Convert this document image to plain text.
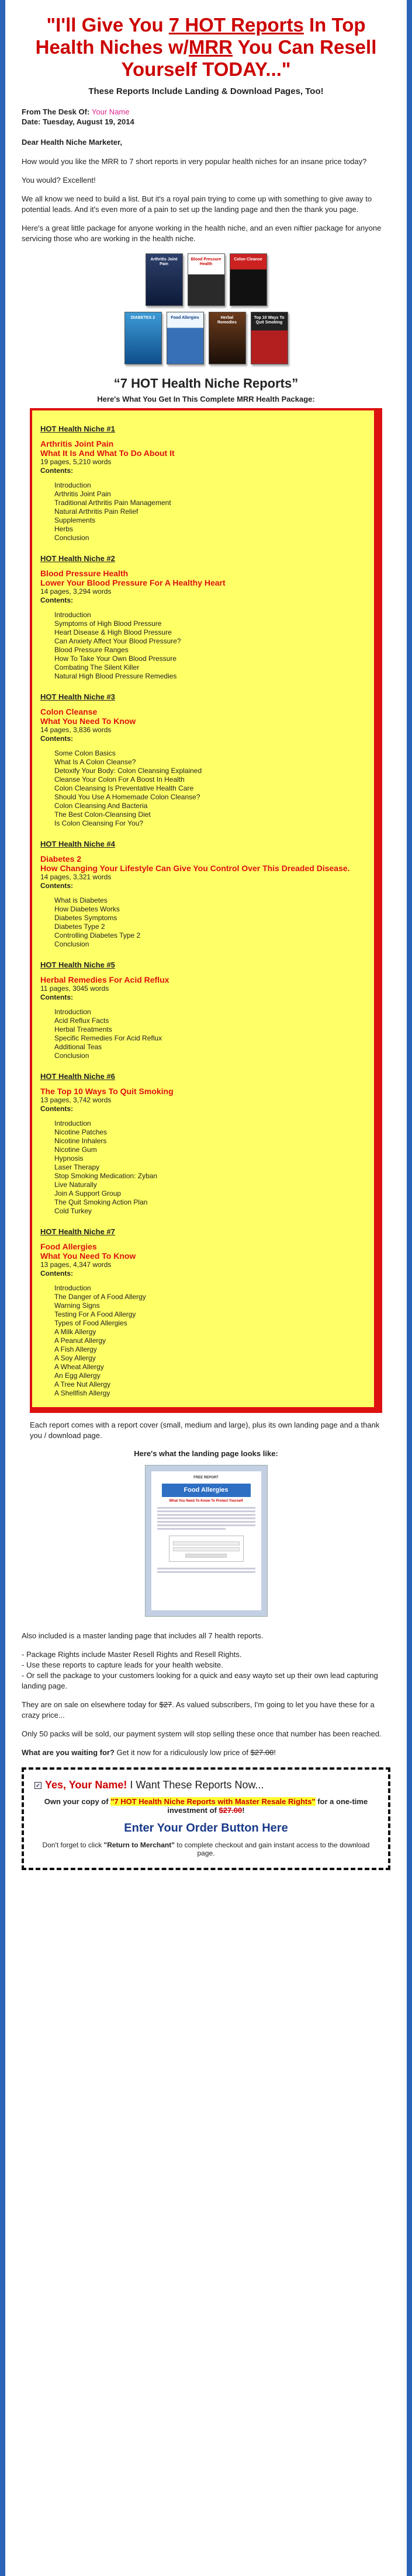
"I'll Give You 7 HOT Reports In Top Health Niches w/MRR You Can Resell Yourself TODAY..."
These Reports Include Landing & Download Pages, Too!
From The Desk Of: Your Name
Date: Tuesday, August 19, 2014
Dear Health Niche Marketer,

How would you like the MRR to 7 short reports in very popular health niches for an insane price today?

You would? Excellent!

We all know we need to build a list. But it's a royal pain trying to come up with something to give away to potential leads. And it's even more of a pain to set up the landing page and then the thank you page.

Here's a great little package for anyone working in the health niche, and an even niftier package for anyone servicing those who are working in the health niche.

Arthritis Joint Pain
Blood Pressure Health
Colon Cleanse
DIABETES 2	Food Allergies	Herbal Remedies
Top 10 Ways To Quit Smoking
“7 HOT Health Niche Reports”
Here's What You Get In This Complete MRR Health Package:
HOT Health Niche #1
Arthritis Joint Pain
What It Is And What To Do About It
19 pages, 5,210 words
Contents:
Introduction
Arthritis Joint Pain
Traditional Arthritis Pain Management
Natural Arthritis Pain Relief
Supplements
Herbs
Conclusion
HOT Health Niche #2
Blood Pressure Health
Lower Your Blood Pressure For A Healthy Heart
14 pages, 3,294 words
Contents:
Introduction
Symptoms of High Blood Pressure
Heart Disease & High Blood Pressure
Can Anxiety Affect Your Blood Pressure?
Blood Pressure Ranges
How To Take Your Own Blood Pressure
Combating The Silent Killer
Natural High Blood Pressure Remedies
HOT Health Niche #3
Colon Cleanse
What You Need To Know
14 pages, 3,836 words
Contents:
Some Colon Basics
What Is A Colon Cleanse?
Detoxify Your Body: Colon Cleansing Explained
Cleanse Your Colon For A Boost In Health
Colon Cleansing Is Preventative Health Care
Should You Use A Homemade Colon Cleanse?
Colon Cleansing And Bacteria
The Best Colon-Cleansing Diet
Is Colon Cleansing For You?
HOT Health Niche #4
Diabetes 2
How Changing Your Lifestyle Can Give You Control Over This Dreaded Disease.
14 pages, 3,321 words
Contents:
What is Diabetes
How Diabetes Works
Diabetes Symptoms
Diabetes Type 2
Controlling Diabetes Type 2
Conclusion
HOT Health Niche #5
Herbal Remedies For Acid Reflux
11 pages, 3045 words
Contents:
Introduction
Acid Reflux Facts
Herbal Treatments
Specific Remedies For Acid Reflux
Additional Teas
Conclusion
HOT Health Niche #6
The Top 10 Ways To Quit Smoking
13 pages, 3,742 words
Contents:
Introduction
Nicotine Patches
Nicotine Inhalers
Nicotine Gum
Hypnosis
Laser Therapy
Stop Smoking Medication: Zyban
Live Naturally
Join A Support Group
The Quit Smoking Action Plan
Cold Turkey
HOT Health Niche #7
Food Allergies
What You Need To Know
13 pages, 4,347 words
Contents:
Introduction
The Danger of A Food Allergy
Warning Signs
Testing For A Food Allergy
Types of Food Allergies
A Milk Allergy
A Peanut Allergy
A Fish Allergy
A Soy Allergy
A Wheat Allergy
An Egg Allergy
A Tree Nut Allergy
A Shellfish Allergy

Each report comes with a report cover (small, medium and large), plus its own landing page and a thank you / download page.

Here's what the landing page looks like:
FREE REPORT
Food Allergies
What You Need To Know To Protect Yourself

Also included is a master landing page that includes all 7 health reports.

- Package Rights include Master Resell Rights and Resell Rights.
- Use these reports to capture leads for your health website.
- Or sell the package to your customers looking for a quick and easy wayto set up their own lead capturing landing page.

They are on sale on elsewhere today for $27. As valued subscribers, I'm going to let you have these for a crazy price...

Only 50 packs will be sold, our payment system will stop selling these once that number has been reached.

What are you waiting for? Get it now for a ridiculously low price of $27.00!

✓ Yes, Your Name! I Want These Reports Now...
Own your copy of "7 HOT Health Niche Reports with Master Resale Rights" for a one-time investment of $27.00!
Enter Your Order Button Here
Don't forget to click "Return to Merchant" to complete checkout and gain instant access to the download page.
